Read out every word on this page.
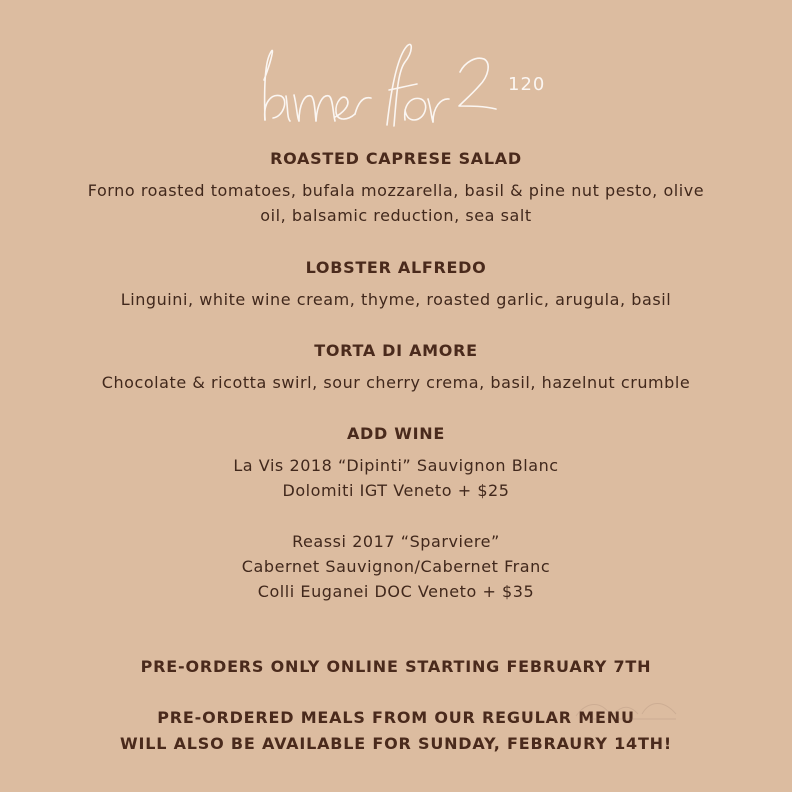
120
ROASTED CAPRESE SALAD
Forno roasted tomatoes, bufala mozzarella, basil & pine nut pesto, olive
oil, balsamic reduction, sea salt
LOBSTER ALFREDO
Linguini, white wine cream, thyme, roasted garlic, arugula, basil
TORTA DI AMORE
Chocolate & ricotta swirl, sour cherry crema, basil, hazelnut crumble
ADD WINE
La Vis 2018 “Dipinti” Sauvignon Blanc
Dolomiti IGT Veneto + $25
Reassi 2017 “Sparviere”
Cabernet Sauvignon/Cabernet Franc
Colli Euganei DOC Veneto + $35
PRE-ORDERS ONLY ONLINE STARTING FEBRUARY 7TH
PRE-ORDERED MEALS FROM OUR REGULAR MENU
WILL ALSO BE AVAILABLE FOR SUNDAY, FEBRAURY 14TH!
